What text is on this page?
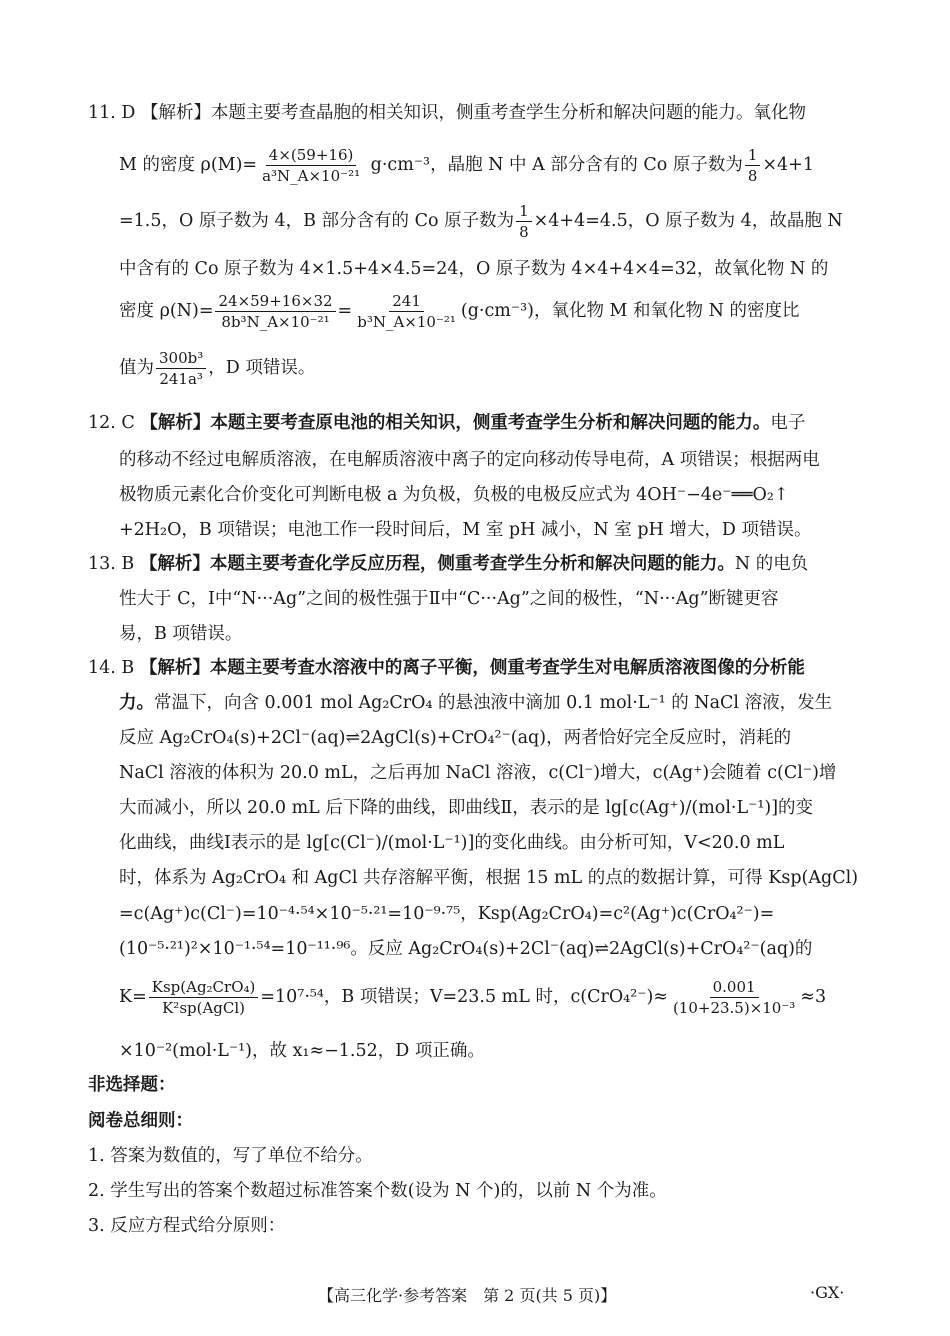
11. D 【解析】本题主要考查晶胞的相关知识，侧重考查学生分析和解决问题的能力。氧化物
M 的密度 $\rho(M)= \frac{4\times(59+16)}{\text{a³N\_A×10⁻²¹}} g\cdot cm^{-3}$，晶胞 N 中 A 部分含有的 Co 原子数为 $\frac{1}{8} \times 4+1$
=1.5，O 原子数为 4，B 部分含有的 Co 原子数为 $\frac{1}{8} \times 4+4=4.5$，O 原子数为 4，故晶胞 N
中含有的 Co 原子数为 4×1.5+4×4.5=24，O 原子数为 4×4+4×4=32，故氧化物 N 的
密度 $\rho(N)= \frac{24\times 59+16\times 32}{\text{8b³N\_A×10⁻²¹}} = \frac{241}{\text{b³N\_A×10⁻²¹}} (g\cdot cm^{-3})$，氧化物 M 和氧化物 N 的密度比
值为 $\frac{\text{300b³}}{\text{241a³}}$ ，D 项错误。
12. C 【解析】本题主要考查原电池的相关知识，侧重考查学生分析和解决问题的能力。电子
的移动不经过电解质溶液，在电解质溶液中离子的定向移动传导电荷，A 项错误；根据两电
极物质元素化合价变化可判断电极 a 为负极，负极的电极反应式为 4OH⁻−4e⁻══O₂↑
+2H₂O，B 项错误；电池工作一段时间后，M 室 pH 减小，N 室 pH 增大，D 项错误。
13. B 【解析】本题主要考查化学反应历程，侧重考查学生分析和解决问题的能力。N 的电负
性大于 C，Ⅰ中“N···Ag”之间的极性强于Ⅱ中“C···Ag”之间的极性，“N···Ag”断键更容
易，B 项错误。
14. B 【解析】本题主要考查水溶液中的离子平衡，侧重考查学生对电解质溶液图像的分析能
力。常温下，向含 0.001 mol Ag₂CrO₄ 的悬浊液中滴加 0.1 mol·L⁻¹ 的 NaCl 溶液，发生
反应 Ag₂CrO₄(s)+2Cl⁻(aq)⇌2AgCl(s)+CrO₄²⁻(aq)，两者恰好完全反应时，消耗的
NaCl 溶液的体积为 20.0 mL，之后再加 NaCl 溶液，c(Cl⁻)增大，c(Ag⁺)会随着 c(Cl⁻)增
大而减小，所以 20.0 mL 后下降的曲线，即曲线Ⅱ，表示的是 lg[c(Ag⁺)/(mol·L⁻¹)]的变
化曲线，曲线Ⅰ表示的是 lg[c(Cl⁻)/(mol·L⁻¹)]的变化曲线。由分析可知，V<20.0 mL
时，体系为 Ag₂CrO₄ 和 AgCl 共存溶解平衡，根据 15 mL 的点的数据计算，可得 Ksp(AgCl)
=c(Ag⁺)c(Cl⁻)=10⁻⁴·⁵⁴×10⁻⁵·²¹=10⁻⁹·⁷⁵，Ksp(Ag₂CrO₄)=c²(Ag⁺)c(CrO₄²⁻)=
(10⁻⁵·²¹)²×10⁻¹·⁵⁴=10⁻¹¹·⁹⁶。反应 Ag₂CrO₄(s)+2Cl⁻(aq)⇌2AgCl(s)+CrO₄²⁻(aq)的
$K= \frac{\text{Ksp(Ag₂CrO₄)}}{\text{K²sp(AgCl)}} =10^7\cdot^{54}$，B 项错误；V=23.5 mL 时，$c(CrO_4^{2-})\approx \frac{0.001}{\text{(10+23.5)×10⁻³}} \approx 3$
×10⁻²(mol·L⁻¹)，故 x₁≈−1.52，D 项正确。
非选择题：
阅卷总细则：
1. 答案为数值的，写了单位不给分。
2. 学生写出的答案个数超过标准答案个数(设为 N 个)的，以前 N 个为准。
3. 反应方程式给分原则：
【高三化学·参考答案　第 2 页(共 5 页)】	·GX·
